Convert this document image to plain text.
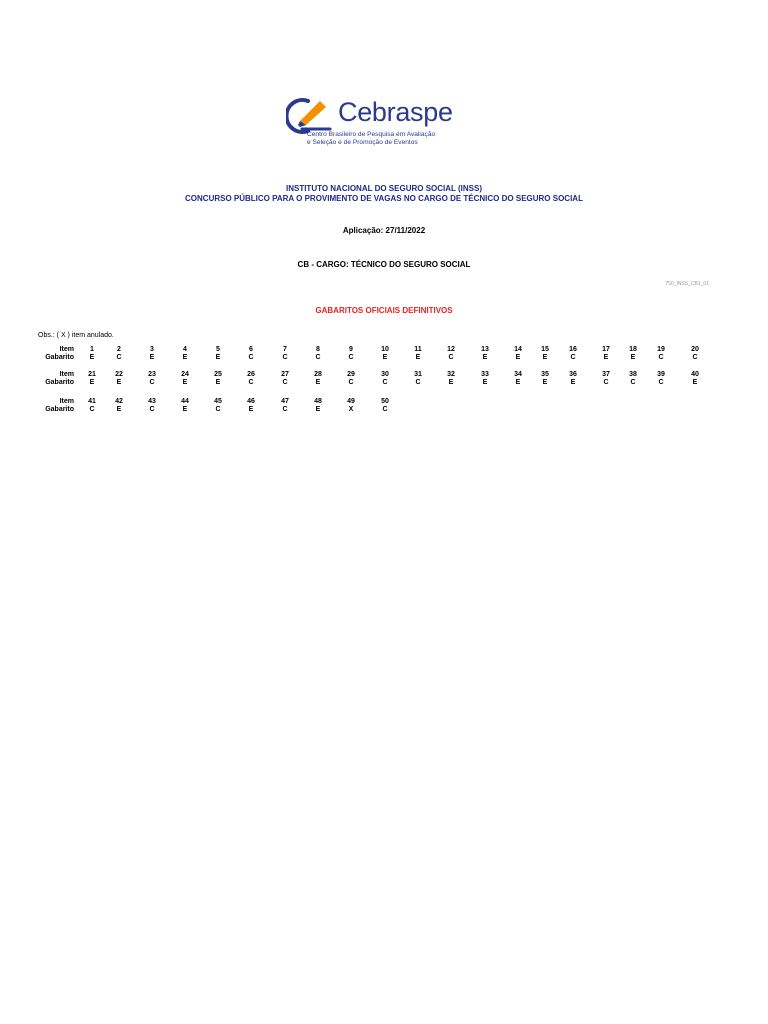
Cebraspe
Centro Brasileiro de Pesquisa em Avaliação
e Seleção e de Promoção de Eventos
INSTITUTO NACIONAL DO SEGURO SOCIAL (INSS)
CONCURSO PÚBLICO PARA O PROVIMENTO DE VAGAS NO CARGO DE TÉCNICO DO SEGURO SOCIAL
Aplicação: 27/11/2022
CB - CARGO: TÉCNICO DO SEGURO SOCIAL
750_INSS_CB1_01
GABARITOS OFICIAIS DEFINITIVOS
Obs.: ( X ) item anulado.
Item	1	2	3	4	5	6	7	8	9	10	11	12	13	14	15	16	17	18	19	20
Gabarito	E	C	E	E	E	C	C	C	C	E	E	C	E	E	E	C	E	E	C	C
Item	21	22	23	24	25	26	27	28	29	30	31	32	33	34	35	36	37	38	39	40
Gabarito	E	E	C	E	E	C	C	E	C	C	C	E	E	E	E	E	C	C	C	E
Item	41	42	43	44	45	46	47	48	49	50
Gabarito	C	E	C	E	C	E	C	E	X	C
